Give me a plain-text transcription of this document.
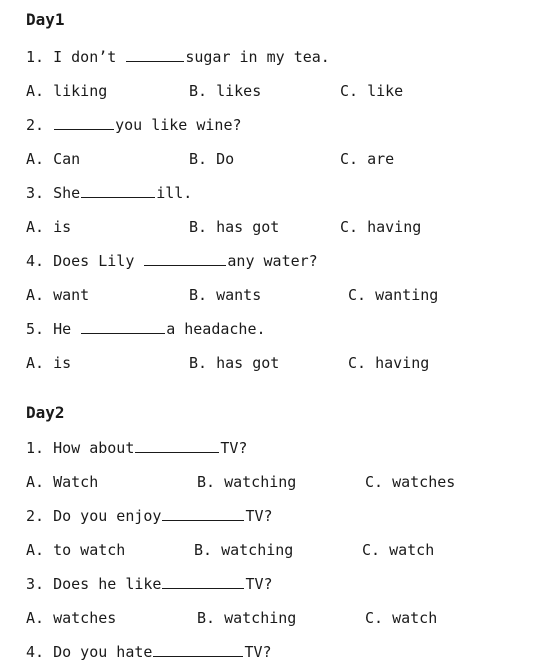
Day1
1. I don’t	sugar in my tea.
A. liking	B. likes	C. like
2.	you like wine?
A. Can	B. Do	C. are
3. She	ill.
A. is	B. has got	C. having
4. Does Lily	any water?
A. want	B. wants	C. wanting
5. He	a headache.
A. is	B. has got	C. having
Day2
1. How about	TV?
A. Watch	B. watching	C. watches
2. Do you enjoy	TV?
A. to watch	B. watching	C. watch
3. Does he like	TV?
A. watches	B. watching	C. watch
4. Do you hate	TV?
